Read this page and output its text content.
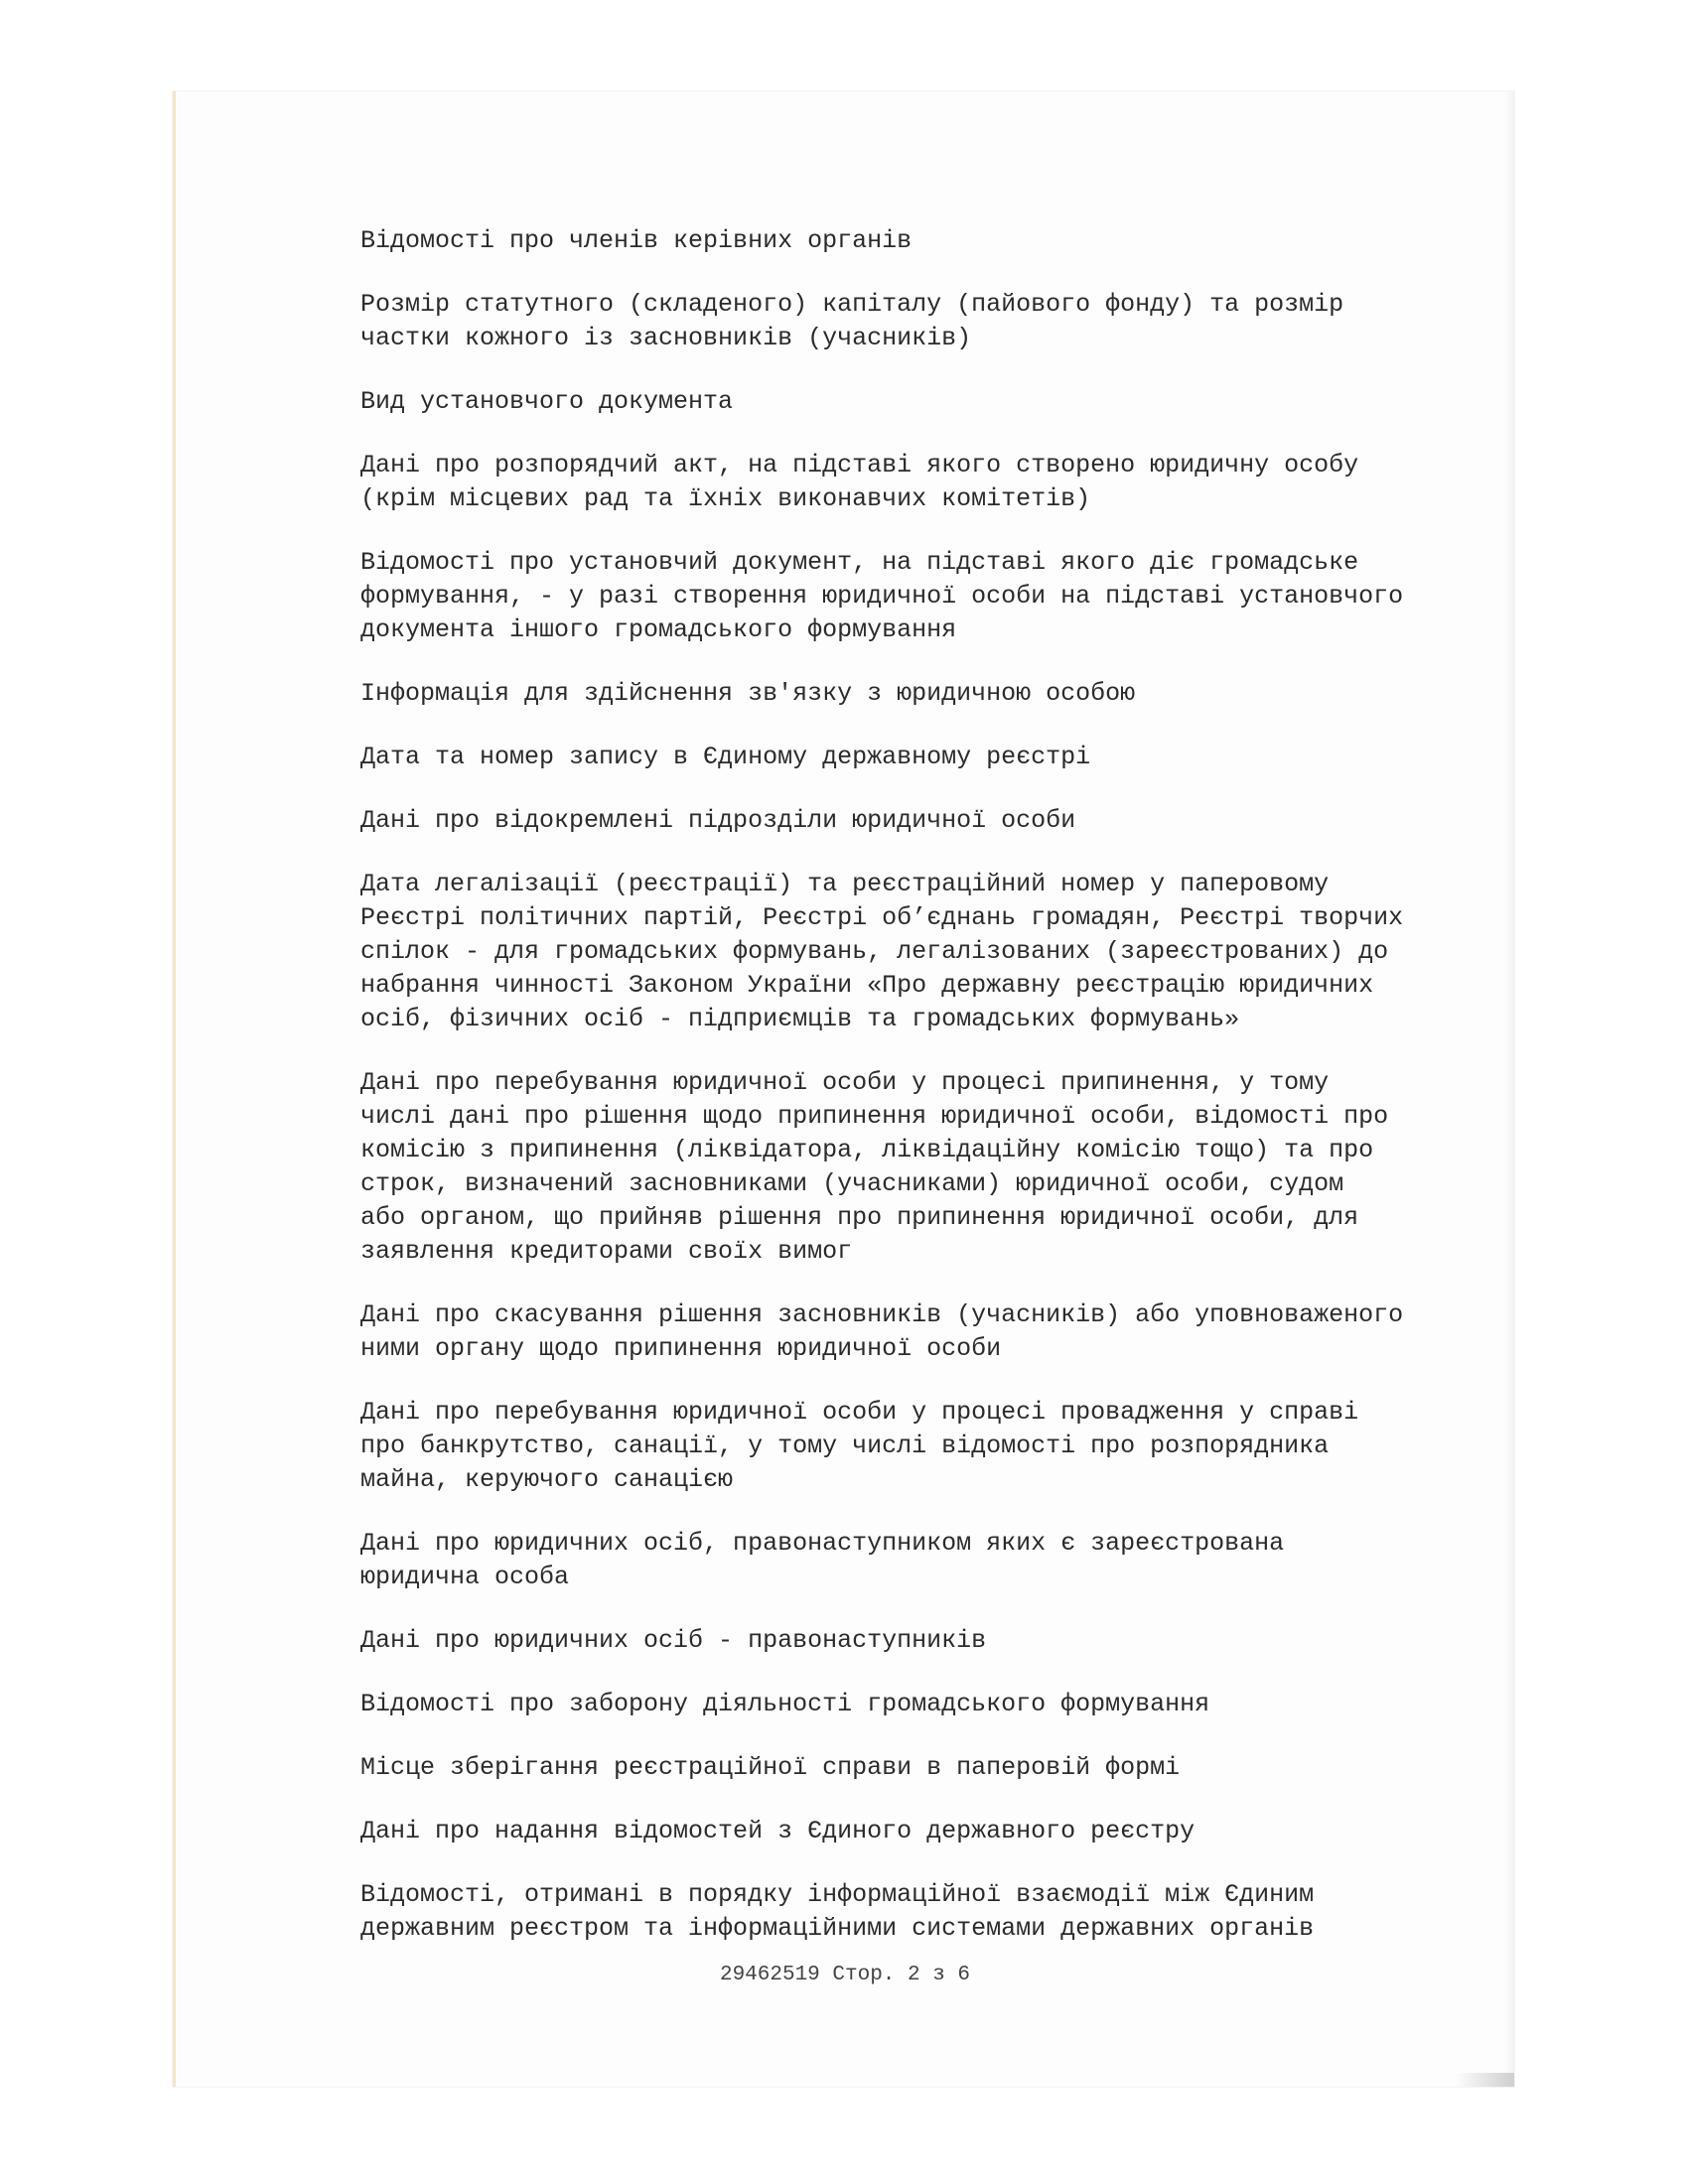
Відомості про членів керівних органів

Розмір статутного (складеного) капіталу (пайового фонду) та розмір
частки кожного із засновників (учасників)

Вид установчого документа

Дані про розпорядчий акт, на підставі якого створено юридичну особу
(крім місцевих рад та їхніх виконавчих комітетів)

Відомості про установчий документ, на підставі якого діє громадське
формування, - у разі створення юридичної особи на підставі установчого
документа іншого громадського формування

Інформація для здійснення зв'язку з юридичною особою

Дата та номер запису в Єдиному державному реєстрі

Дані про відокремлені підрозділи юридичної особи

Дата легалізації (реєстрації) та реєстраційний номер у паперовому
Реєстрі політичних партій, Реєстрі об’єднань громадян, Реєстрі творчих
спілок - для громадських формувань, легалізованих (зареєстрованих) до
набрання чинності Законом України «Про державну реєстрацію юридичних
осіб, фізичних осіб - підприємців та громадських формувань»

Дані про перебування юридичної особи у процесі припинення, у тому
числі дані про рішення щодо припинення юридичної особи, відомості про
комісію з припинення (ліквідатора, ліквідаційну комісію тощо) та про
строк, визначений засновниками (учасниками) юридичної особи, судом
або органом, що прийняв рішення про припинення юридичної особи, для
заявлення кредиторами своїх вимог

Дані про скасування рішення засновників (учасників) або уповноваженого
ними органу щодо припинення юридичної особи

Дані про перебування юридичної особи у процесі провадження у справі
про банкрутство, санації, у тому числі відомості про розпорядника
майна, керуючого санацією

Дані про юридичних осіб, правонаступником яких є зареєстрована
юридична особа

Дані про юридичних осіб - правонаступників

Відомості про заборону діяльності громадського формування

Місце зберігання реєстраційної справи в паперовій формі

Дані про надання відомостей з Єдиного державного реєстру

Відомості, отримані в порядку інформаційної взаємодії між Єдиним
державним реєстром та інформаційними системами державних органів

29462519 Стор. 2 з 6
